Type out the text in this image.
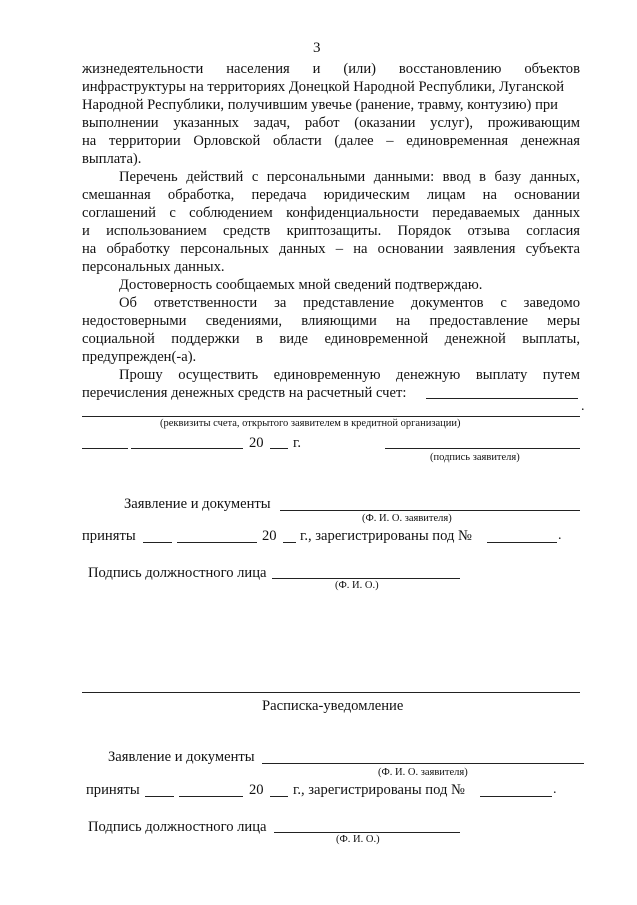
3
жизнедеятельности населения и (или) восстановлению объектов
инфраструктуры на территориях Донецкой Народной Республики, Луганской
Народной Республики, получившим увечье (ранение, травму, контузию) при
выполнении указанных задач, работ (оказании услуг), проживающим
на территории Орловской области (далее – единовременная денежная
выплата).
Перечень действий с персональными данными: ввод в базу данных,
смешанная обработка, передача юридическим лицам на основании
соглашений с соблюдением конфиденциальности передаваемых данных
и использованием средств криптозащиты. Порядок отзыва согласия
на обработку персональных данных – на основании заявления субъекта
персональных данных.
Достоверность сообщаемых мной сведений подтверждаю.
Об ответственности за представление документов с заведомо
недостоверными сведениями, влияющими на предоставление меры
социальной поддержки в виде единовременной денежной выплаты,
предупрежден(-а).
Прошу осуществить единовременную денежную выплату путем
перечисления денежных средств на расчетный счет:
.
(реквизиты счета, открытого заявителем в кредитной организации)
20 г.
(подпись заявителя)
Заявление и документы
(Ф. И. О. заявителя)
приняты	20 г., зарегистрированы под №	.
Подпись должностного лица
(Ф. И. О.)
Расписка-уведомление
Заявление и документы
(Ф. И. О. заявителя)
приняты	20 г., зарегистрированы под №	.
Подпись должностного лица
(Ф. И. О.)
